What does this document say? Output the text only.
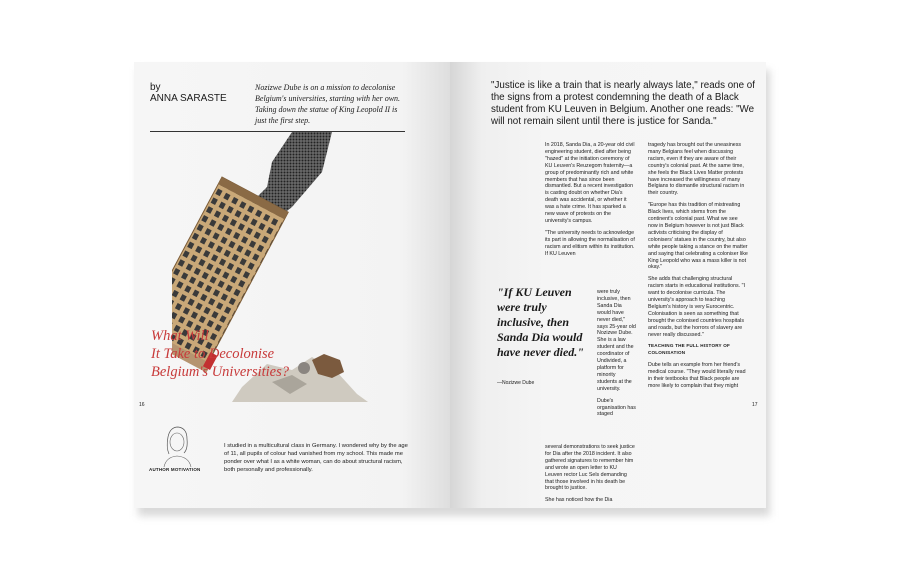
by
ANNA SARASTE
Nozizwe Dube is on a mission to decolonise Belgium's universities, starting with her own. Taking down the statue of King Leopold II is just the first step.
What Will
It Take to Decolonise
Belgium's Universities?
16
AUTHOR MOTIVATION
I studied in a multicultural class in Germany. I wondered why by the age of 11, all pupils of colour had vanished from my school. This made me ponder over what I as a white woman, can do about structural racism, both personally and professionally.
"Justice is like a train that is nearly always late," reads one of the signs from a protest condemning the death of a Black student from KU Leuven in Belgium. Another one reads: "We will not remain silent until there is justice for Sanda."

In 2018, Sanda Dia, a 20-year old civil engineering student, died after being "hazed" at the initiation ceremony of KU Leuven's Reuzegom fraternity—a group of predominantly rich and white members that has since been dismantled. But a recent investigation is casting doubt on whether Dia's death was accidental, or whether it was a hate crime. It has sparked a new wave of protests on the university's campus.

"The university needs to acknowledge its part in allowing the normalisation of racism and elitism within its institution. If KU Leuven

were truly inclusive, then Sanda Dia would have never died," says 25-year old Nozizwe Dube. She is a law student and the coordinator of Undivided, a platform for minority students at the university.

Dube's organisation has staged

several demonstrations to seek justice for Dia after the 2018 incident. It also gathered signatures to remember him and wrote an open letter to KU Leuven rector Luc Sels demanding that those involved in his death be brought to justice.

She has noticed how the Dia

"If KU Leuven were truly inclusive, then Sanda Dia would have never died."
—Nozizwe Dube

tragedy has brought out the uneasiness many Belgians feel when discussing racism, even if they are aware of their country's colonial past. At the same time, she feels the Black Lives Matter protests have increased the willingness of many Belgians to dismantle structural racism in their country.

"Europe has this tradition of mistreating Black lives, which stems from the continent's colonial past. What we see now in Belgium however is not just Black activists criticising the display of colonisers' statues in the country, but also white people taking a stance on the matter and saying that celebrating a coloniser like King Leopold who was a mass killer is not okay."

She adds that challenging structural racism starts in educational institutions. "I want to decolonise curricula. The university's approach to teaching Belgium's history is very Eurocentric. Colonisation is seen as something that brought the colonised countries hospitals and roads, but the horrors of slavery are never really discussed."

TEACHING THE FULL HISTORY OF COLONISATION

Dube tells an example from her friend's medical course. "They would literally read in their textbooks that Black people are more likely to complain that they might

17
